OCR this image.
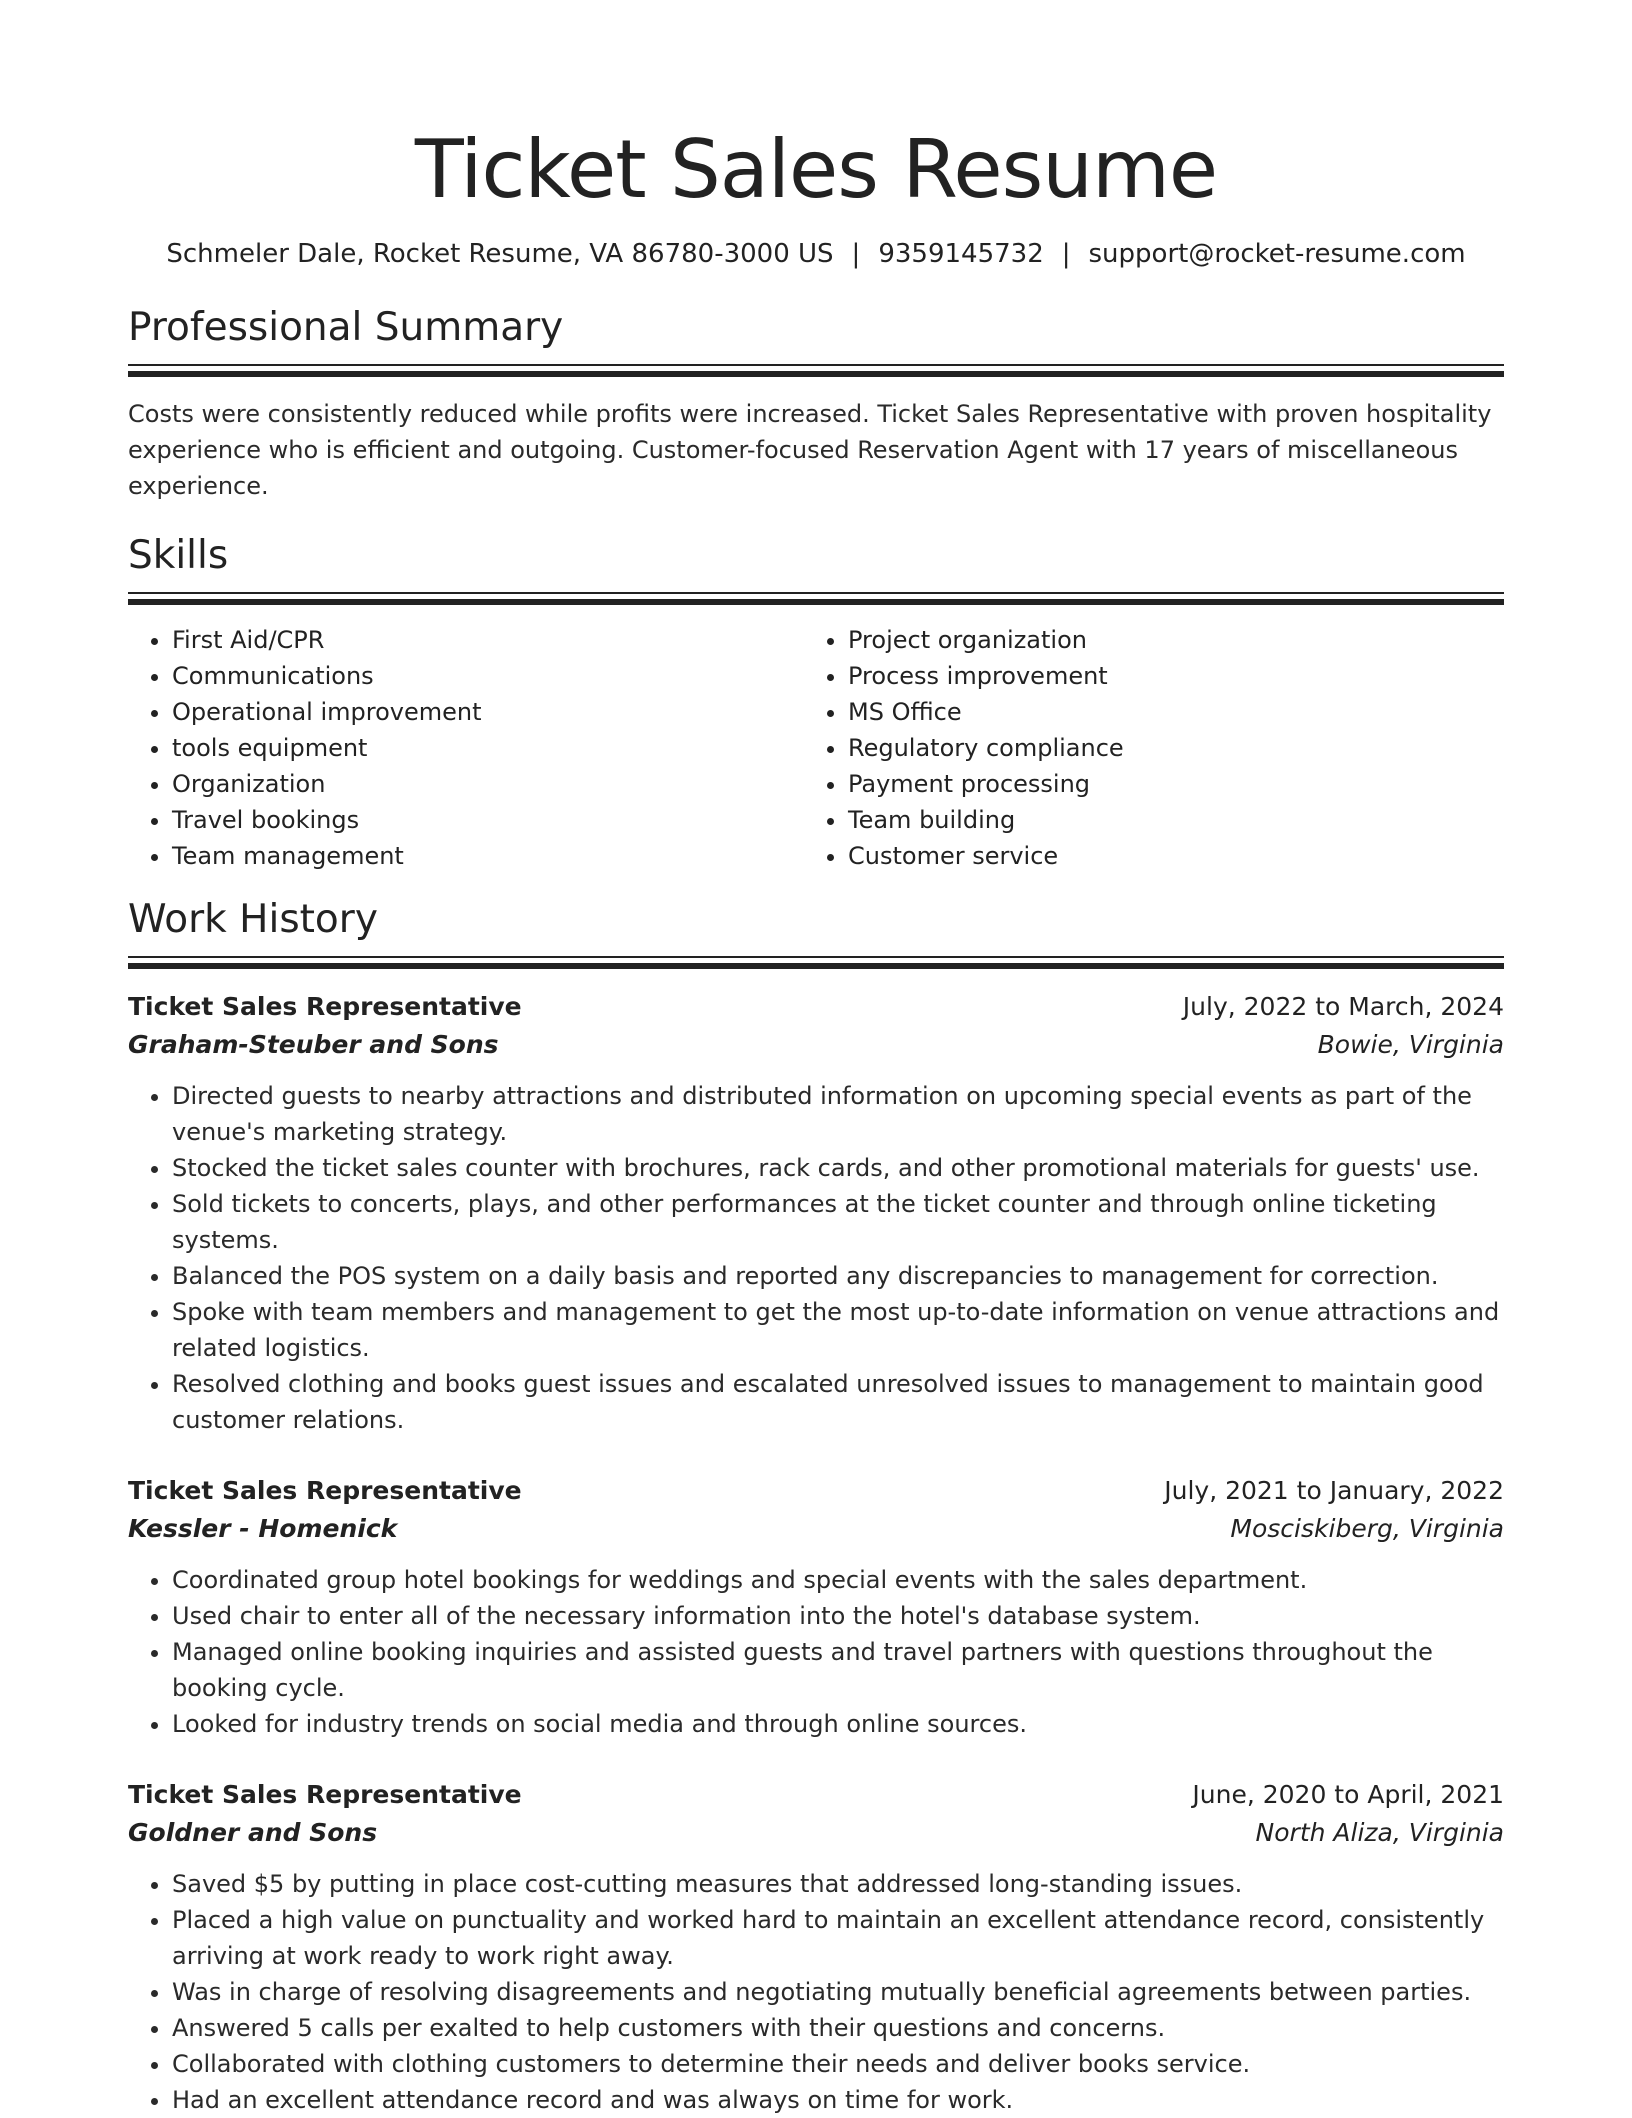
Ticket Sales Resume
Schmeler Dale, Rocket Resume, VA 86780-3000 US | 9359145732 | support@rocket-resume.com
Professional Summary

Costs were consistently reduced while profits were increased. Ticket Sales Representative with proven hospitality experience who is efficient and outgoing. Customer-focused Reservation Agent with 17 years of miscellaneous experience.

Skills
• First Aid/CPR
• Communications
• Operational improvement
• tools equipment
• Organization
• Travel bookings
• Team management
• Project organization
• Process improvement
• MS Office
• Regulatory compliance
• Payment processing
• Team building
• Customer service
Work History
Ticket Sales Representative	July, 2022 to March, 2024
Graham-Steuber and Sons	Bowie, Virginia
• Directed guests to nearby attractions and distributed information on upcoming special events as part of the venue's marketing strategy.
• Stocked the ticket sales counter with brochures, rack cards, and other promotional materials for guests' use.
• Sold tickets to concerts, plays, and other performances at the ticket counter and through online ticketing systems.
• Balanced the POS system on a daily basis and reported any discrepancies to management for correction.
• Spoke with team members and management to get the most up-to-date information on venue attractions and related logistics.
• Resolved clothing and books guest issues and escalated unresolved issues to management to maintain good customer relations.
Ticket Sales Representative	July, 2021 to January, 2022
Kessler - Homenick	Mosciskiberg, Virginia
• Coordinated group hotel bookings for weddings and special events with the sales department.
• Used chair to enter all of the necessary information into the hotel's database system.
• Managed online booking inquiries and assisted guests and travel partners with questions throughout the booking cycle.
• Looked for industry trends on social media and through online sources.
Ticket Sales Representative	June, 2020 to April, 2021
Goldner and Sons	North Aliza, Virginia
• Saved $5 by putting in place cost-cutting measures that addressed long-standing issues.
• Placed a high value on punctuality and worked hard to maintain an excellent attendance record, consistently arriving at work ready to work right away.
• Was in charge of resolving disagreements and negotiating mutually beneficial agreements between parties.
• Answered 5 calls per exalted to help customers with their questions and concerns.
• Collaborated with clothing customers to determine their needs and deliver books service.
• Had an excellent attendance record and was always on time for work.
